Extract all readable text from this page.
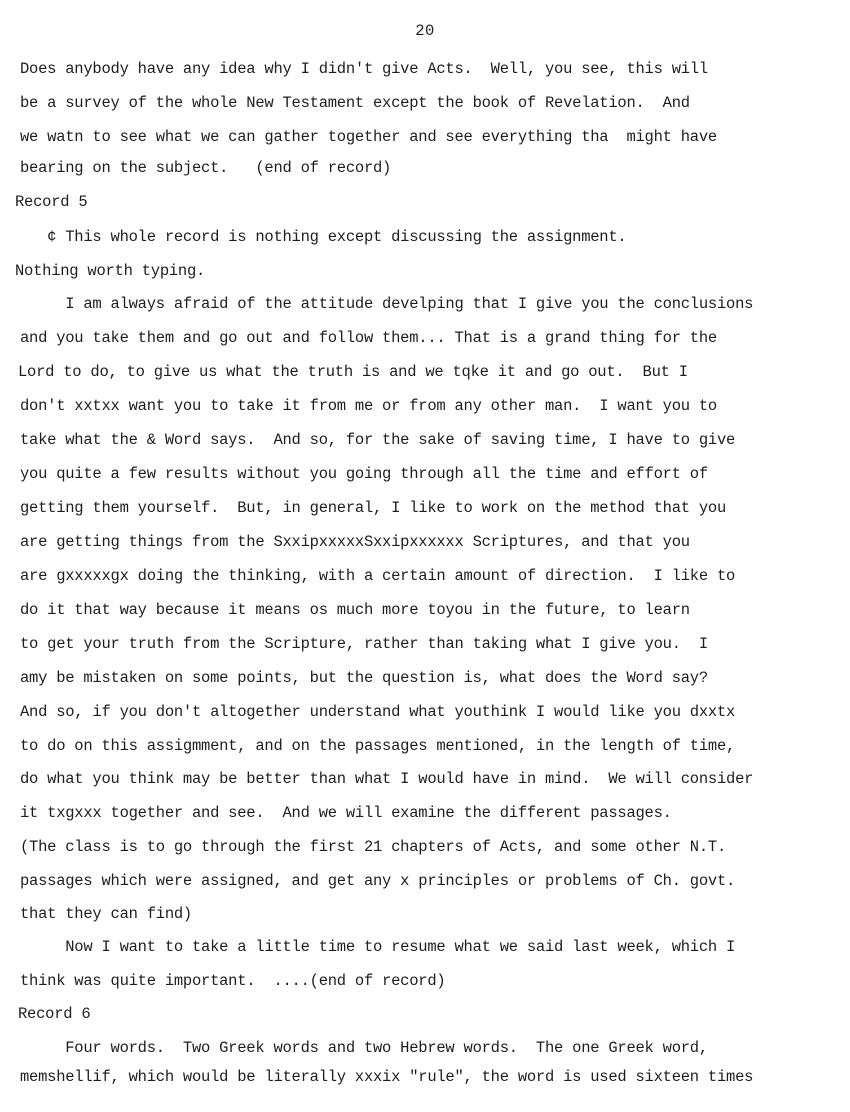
20
Does anybody have any idea why I didn't give Acts.  Well, you see, this will
be a survey of the whole New Testament except the book of Revelation.  And
we watn to see what we can gather together and see everything tha  might have
bearing on the subject.   (end of record)
Record 5
¢ This whole record is nothing except discussing the assignment.
Nothing worth typing.
I am always afraid of the attitude develping that I give you the conclusions
and you take them and go out and follow them... That is a grand thing for the
Lord to do, to give us what the truth is and we tqke it and go out.  But I
don't xxtxx want you to take it from me or from any other man.  I want you to
take what the & Word says.  And so, for the sake of saving time, I have to give
you quite a few results without you going through all the time and effort of
getting them yourself.  But, in general, I like to work on the method that you
are getting things from the SxxipxxxxxSxxipxxxxxx Scriptures, and that you
are gxxxxxgx doing the thinking, with a certain amount of direction.  I like to
do it that way because it means os much more toyou in the future, to learn
to get your truth from the Scripture, rather than taking what I give you.  I
amy be mistaken on some points, but the question is, what does the Word say?
And so, if you don't altogether understand what youthink I would like you dxxtx
to do on this assigmment, and on the passages mentioned, in the length of time,
do what you think may be better than what I would have in mind.  We will consider
it txgxxx together and see.  And we will examine the different passages.
(The class is to go through the first 21 chapters of Acts, and some other N.T.
passages which were assigned, and get any x principles or problems of Ch. govt.
that they can find)
Now I want to take a little time to resume what we said last week, which I
think was quite important.  ....(end of record)
Record 6
Four words.  Two Greek words and two Hebrew words.  The one Greek word,
memshellif, which would be literally xxxix "rule", the word is used sixteen times
